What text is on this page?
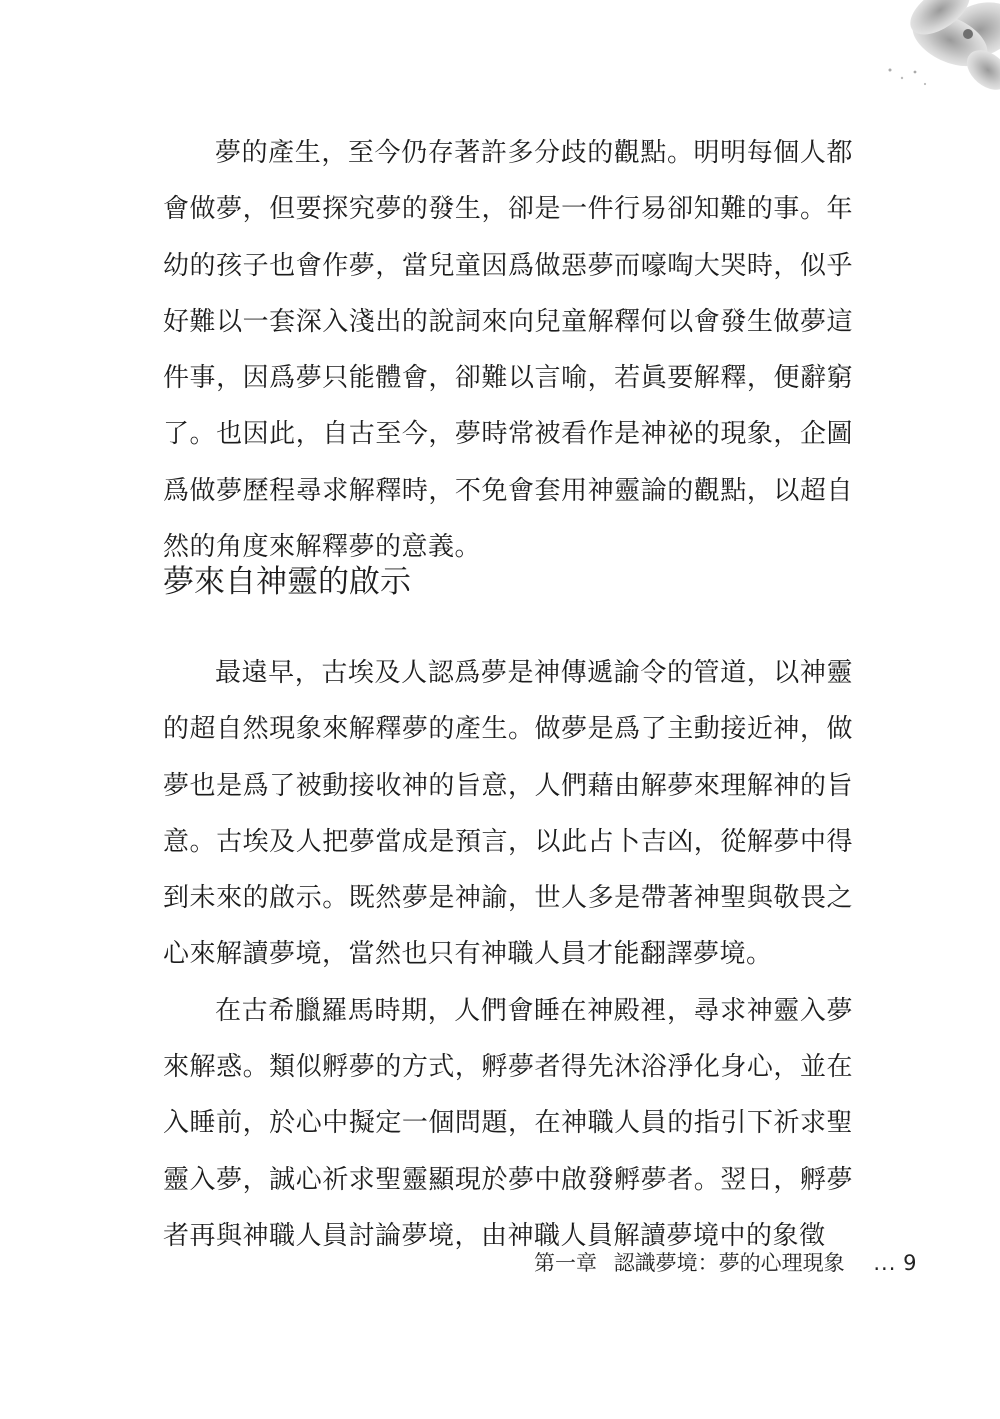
夢的產生，至今仍存著許多分歧的觀點。明明每個人都會做夢，但要探究夢的發生，卻是一件行易卻知難的事。年幼的孩子也會作夢，當兒童因爲做惡夢而嚎啕大哭時，似乎好難以一套深入淺出的說詞來向兒童解釋何以會發生做夢這件事，因爲夢只能體會，卻難以言喻，若眞要解釋，便辭窮了。也因此，自古至今，夢時常被看作是神祕的現象，企圖爲做夢歷程尋求解釋時，不免會套用神靈論的觀點，以超自然的角度來解釋夢的意義。

夢來自神靈的啟示

最遠早，古埃及人認爲夢是神傳遞諭令的管道，以神靈的超自然現象來解釋夢的產生。做夢是爲了主動接近神，做夢也是爲了被動接收神的旨意，人們藉由解夢來理解神的旨意。古埃及人把夢當成是預言，以此占卜吉凶，從解夢中得到未來的啟示。既然夢是神諭，世人多是帶著神聖與敬畏之心來解讀夢境，當然也只有神職人員才能翻譯夢境。

在古希臘羅馬時期，人們會睡在神殿裡，尋求神靈入夢來解惑。類似孵夢的方式，孵夢者得先沐浴淨化身心，並在入睡前，於心中擬定一個問題，在神職人員的指引下祈求聖靈入夢，誠心祈求聖靈顯現於夢中啟發孵夢者。翌日，孵夢者再與神職人員討論夢境，由神職人員解讀夢境中的象徵

第一章 認識夢境：夢的心理現象 ... 9
